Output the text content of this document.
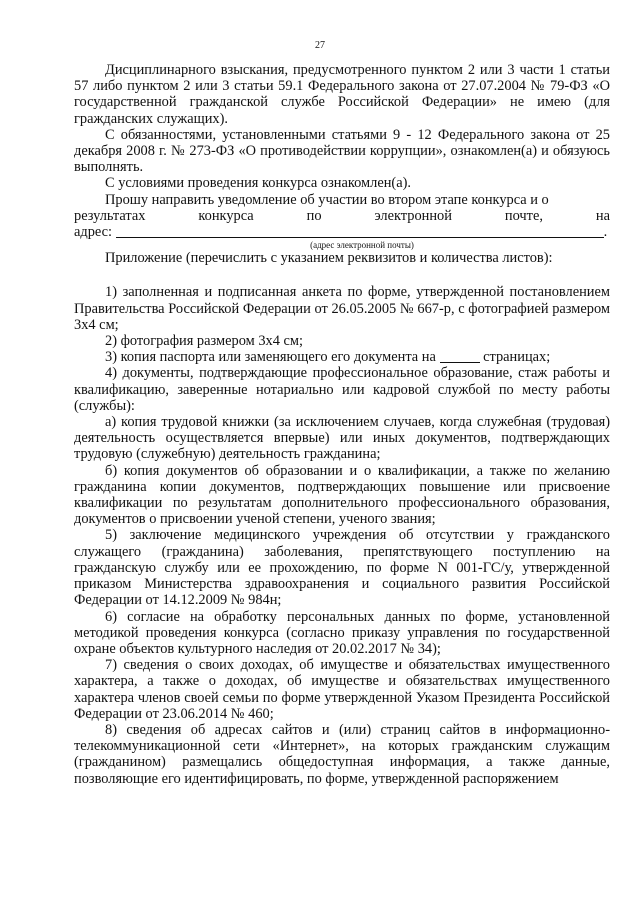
27

Дисциплинарного взыскания, предусмотренного пунктом 2 или 3 части 1 статьи 57 либо пунктом 2 или 3 статьи 59.1 Федерального закона от 27.07.2004 № 79-ФЗ «О государственной гражданской службе Российской Федерации» не имею (для гражданских служащих).

С обязанностями, установленными статьями 9 - 12 Федерального закона от 25 декабря 2008 г. № 273-ФЗ «О противодействии коррупции», ознакомлен(а) и обязуюсь выполнять.

С условиями проведения конкурса ознакомлен(а).

Прошу направить уведомление об участии во втором этапе конкурса и о

результатах	конкурса	по	электронной	почте,	на
адрес:	.
(адрес электронной почты)

Приложение (перечислить с указанием реквизитов и количества листов):

1) заполненная и подписанная анкета по форме, утвержденной постановлением Правительства Российской Федерации от 26.05.2005 № 667-р, с фотографией размером 3х4 см;

2) фотография размером 3х4 см;

3) копия паспорта или заменяющего его документа на	страницах;

4) документы, подтверждающие профессиональное образование, стаж работы и квалификацию, заверенные нотариально или кадровой службой по месту работы (службы):

а) копия трудовой книжки (за исключением случаев, когда служебная (трудовая) деятельность осуществляется впервые) или иных документов, подтверждающих трудовую (служебную) деятельность гражданина;

б) копия документов об образовании и о квалификации, а также по желанию гражданина копии документов, подтверждающих повышение или присвоение квалификации по результатам дополнительного профессионального образования, документов о присвоении ученой степени, ученого звания;

5) заключение медицинского учреждения об отсутствии у гражданского служащего (гражданина) заболевания, препятствующего поступлению на гражданскую службу или ее прохождению, по форме N 001-ГС/у, утвержденной приказом Министерства здравоохранения и социального развития Российской Федерации от 14.12.2009 № 984н;

6) согласие на обработку персональных данных по форме, установленной методикой проведения конкурса (согласно приказу управления по государственной охране объектов культурного наследия от 20.02.2017 № 34);

7) сведения о своих доходах, об имуществе и обязательствах имущественного характера, а также о доходах, об имуществе и обязательствах имущественного характера членов своей семьи по форме утвержденной Указом Президента Российской Федерации от 23.06.2014 № 460;

8) сведения об адресах сайтов и (или) страниц сайтов в информационно-телекоммуникационной сети «Интернет», на которых гражданским служащим (гражданином) размещались общедоступная информация, а также данные, позволяющие его идентифицировать, по форме, утвержденной распоряжением
